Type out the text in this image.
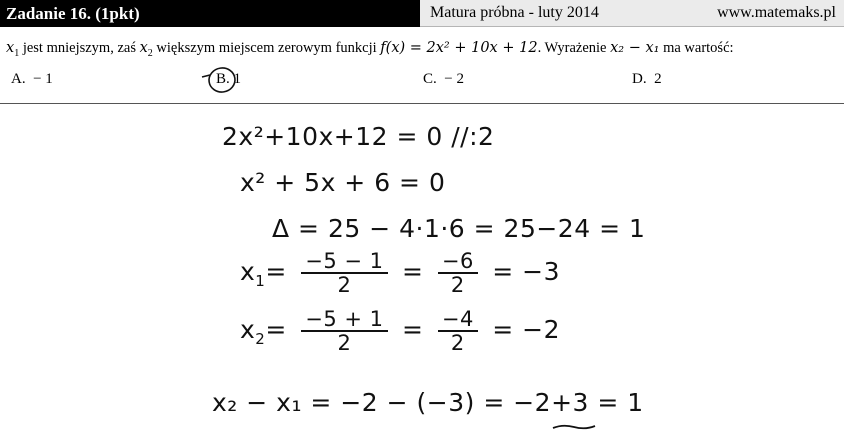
Zadanie 16. (1pkt)	Matura próbna - luty 2014	www.matemaks.pl
$x_1$ jest mniejszym, zaś $x_2$ większym miejscem zerowym funkcji f(x) = 2x² + 10x + 12. Wyrażenie x₂ − x₁ ma wartość:
A. − 1	B. 1	C. − 2	D. 2
2x²+10x+12 = 0 //:2
x² + 5x + 6 = 0
Δ = 25 − 4·1·6 = 25−24 = 1
$x_1= \frac{-5 - 1}{2} = \frac{-6}{2} = -3$
$x_2= \frac{-5 + 1}{2} = \frac{-4}{2} = -2$
x₂ − x₁ = −2 − (−3) = −2+3 = 1
